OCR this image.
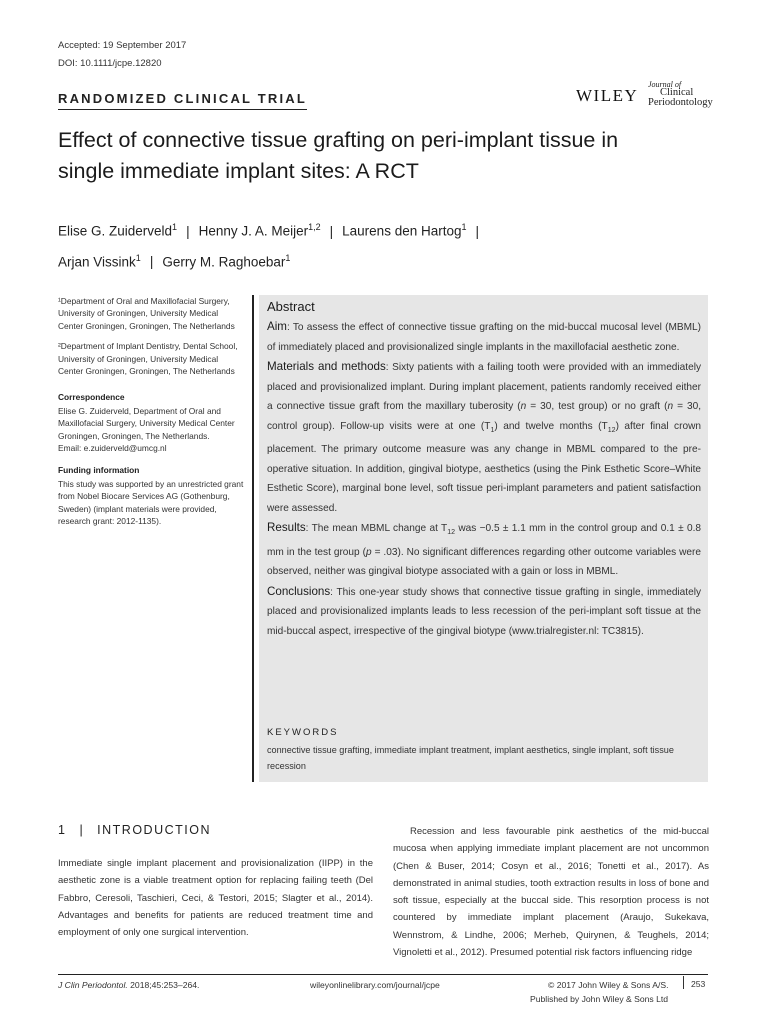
Accepted: 19 September 2017
DOI: 10.1111/jcpe.12820
RANDOMIZED CLINICAL TRIAL	WILEY
Journal of
Clinical
Periodontology
Effect of connective tissue grafting on peri-implant tissue in
single immediate implant sites: A RCT
Elise G. Zuiderveld$^1$ | Henny J. A. Meijer$^{1,2}$ | Laurens den Hartog$^1$ |
Arjan Vissink$^1$ | Gerry M. Raghoebar$^1$

¹Department of Oral and Maxillofacial Surgery, University of Groningen, University Medical Center Groningen, Groningen, The Netherlands

²Department of Implant Dentistry, Dental School, University of Groningen, University Medical Center Groningen, Groningen, The Netherlands

Correspondence
Elise G. Zuiderveld, Department of Oral and Maxillofacial Surgery, University Medical Center Groningen, Groningen, The Netherlands.

Email: e.zuiderveld@umcg.nl

Funding information

This study was supported by an unrestricted grant from Nobel Biocare Services AG (Gothenburg, Sweden) (implant materials were provided, research grant: 2012-1135).

Abstract

Aim: To assess the effect of connective tissue grafting on the mid-buccal mucosal level (MBML) of immediately placed and provisionalized single implants in the maxillofacial aesthetic zone.

Materials and methods: Sixty patients with a failing tooth were provided with an immediately placed and provisionalized implant. During implant placement, patients randomly received either a connective tissue graft from the maxillary tuberosity (n = 30, test group) or no graft (n = 30, control group). Follow-up visits were at one $(T_1)$ and twelve months $(T_{12})$ after final crown placement. The primary outcome measure was any change in MBML compared to the pre-operative situation. In addition, gingival biotype, aesthetics (using the Pink Esthetic Score–White Esthetic Score), marginal bone level, soft tissue peri-implant parameters and patient satisfaction were assessed.

Results: The mean MBML change at $T_{12}$ was −0.5 ± 1.1 mm in the control group and 0.1 ± 0.8 mm in the test group (p = .03). No significant differences regarding other outcome variables were observed, neither was gingival biotype associated with a gain or loss in MBML.

Conclusions: This one-year study shows that connective tissue grafting in single, immediately placed and provisionalized implants leads to less recession of the peri-implant soft tissue at the mid-buccal aspect, irrespective of the gingival biotype (www.trialregister.nl: TC3815).

KEYWORDS
connective tissue grafting, immediate implant treatment, implant aesthetics, single implant, soft tissue recession
1 | INTRODUCTION
Immediate single implant placement and provisionalization (IIPP) in the aesthetic zone is a viable treatment option for replacing failing teeth (Del Fabbro, Ceresoli, Taschieri, Ceci, & Testori, 2015; Slagter et al., 2014). Advantages and benefits for patients are reduced treatment time and employment of only one surgical intervention.
Recession and less favourable pink aesthetics of the mid-buccal mucosa when applying immediate implant placement are not uncommon (Chen & Buser, 2014; Cosyn et al., 2016; Tonetti et al., 2017). As demonstrated in animal studies, tooth extraction results in loss of bone and soft tissue, especially at the buccal side. This resorption process is not countered by immediate implant placement (Araujo, Sukekava, Wennstrom, & Lindhe, 2006; Merheb, Quirynen, & Teughels, 2014; Vignoletti et al., 2012). Presumed potential risk factors influencing ridge
J Clin Periodontol. 2018;45:253–264.	wileyonlinelibrary.com/journal/jcpe	© 2017 John Wiley & Sons A/S.
Published by John Wiley & Sons Ltd
253
